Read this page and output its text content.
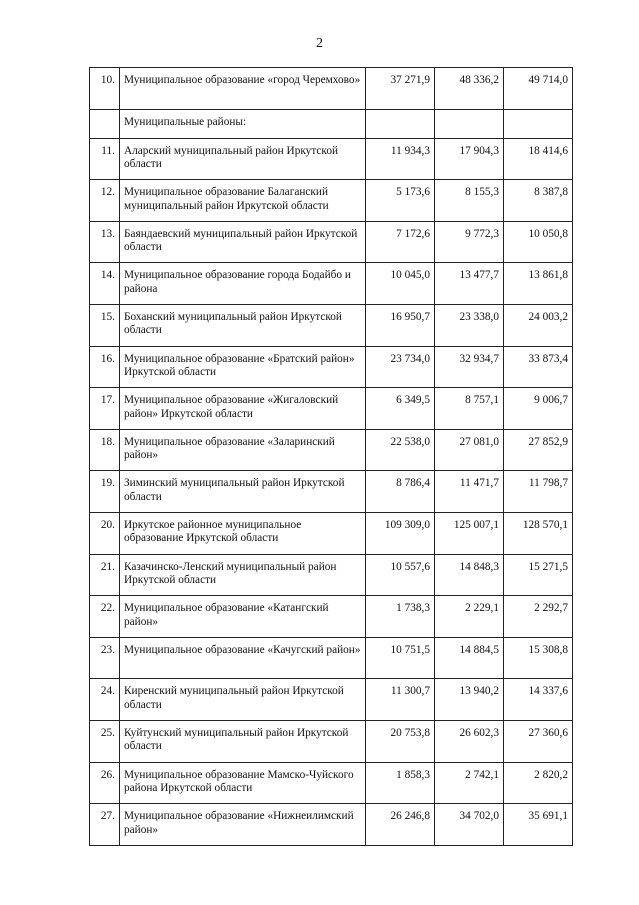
2
10.	Муниципальное образование «город Черемхово»	37 271,9	48 336,2	49 714,0
	Муниципальные районы:			
11.	Аларский муниципальный район Иркутской области	11 934,3	17 904,3	18 414,6
12.	Муниципальное образование Балаганский муниципальный район Иркутской области	5 173,6	8 155,3	8 387,8
13.	Баяндаевский муниципальный район Иркутской области	7 172,6	9 772,3	10 050,8
14.	Муниципальное образование города Бодайбо и района	10 045,0	13 477,7	13 861,8
15.	Боханский муниципальный район Иркутской области	16 950,7	23 338,0	24 003,2
16.	Муниципальное образование «Братский район» Иркутской области	23 734,0	32 934,7	33 873,4
17.	Муниципальное образование «Жигаловский район» Иркутской области	6 349,5	8 757,1	9 006,7
18.	Муниципальное образование «Заларинский район»	22 538,0	27 081,0	27 852,9
19.	Зиминский муниципальный район Иркутской области	8 786,4	11 471,7	11 798,7
20.	Иркутское районное муниципальное образование Иркутской области	109 309,0	125 007,1	128 570,1
21.	Казачинско-Ленский муниципальный район Иркутской области	10 557,6	14 848,3	15 271,5
22.	Муниципальное образование «Катангский район»	1 738,3	2 229,1	2 292,7
23.	Муниципальное образование «Качугский район»	10 751,5	14 884,5	15 308,8
24.	Киренский муниципальный район Иркутской области	11 300,7	13 940,2	14 337,6
25.	Куйтунский муниципальный район Иркутской области	20 753,8	26 602,3	27 360,6
26.	Муниципальное образование Мамско-Чуйского района Иркутской области	1 858,3	2 742,1	2 820,2
27.	Муниципальное образование «Нижнеилимский район»	26 246,8	34 702,0	35 691,1
